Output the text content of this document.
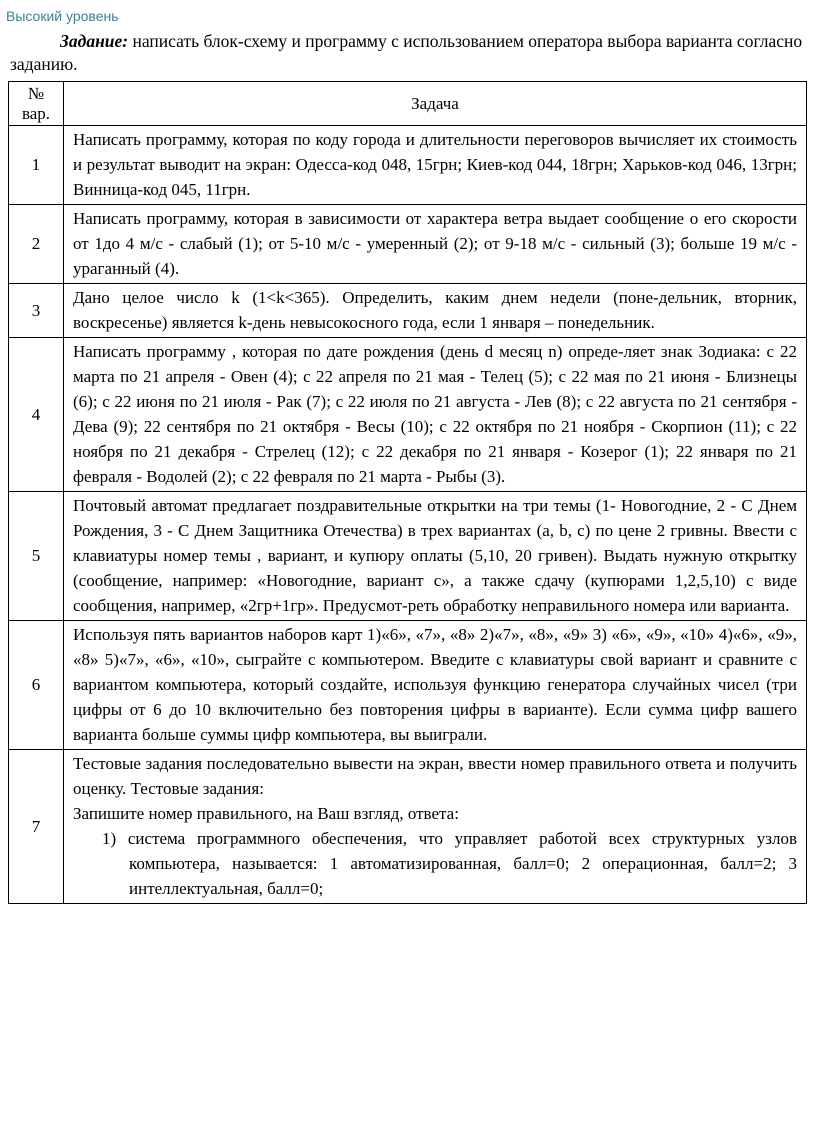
Высокий уровень

Задание: написать блок-схему и программу с использованием оператора выбора варианта согласно заданию.

№ вар.	Задача
1	Написать программу, которая по коду города и длительности переговоров вычисляет их стоимость и результат выводит на экран: Одесса-код 048, 15грн; Киев-код 044, 18грн; Харьков-код 046, 13грн; Винница-код 045, 11грн.

2	Написать программу, которая в зависимости от характера ветра выдает сообщение о его скорости от 1до 4 м/с - слабый (1); от 5-10 м/с - умеренный (2); от 9-18 м/с - сильный (3); больше 19 м/с - ураганный (4).

3	Дано целое число k (1<k<365). Определить, каким днем недели (поне-дельник, вторник, воскресенье) является k-день невысокосного года, если 1 января – понедельник.

4	Написать программу , которая по дате рождения (день d месяц n) опреде-ляет знак Зодиака: с 22 марта по 21 апреля - Овен (4); с 22 апреля по 21 мая - Телец (5); с 22 мая по 21 июня - Близнецы (6); с 22 июня по 21 июля - Рак (7); с 22 июля по 21 августа - Лев (8); с 22 августа по 21 сентября - Дева (9); 22 сентября по 21 октября - Весы (10); с 22 октября по 21 ноября - Скорпион (11); с 22 ноября по 21 декабря - Стрелец (12); с 22 декабря по 21 января - Козерог (1); 22 января по 21 февраля - Водолей (2); с 22 февраля по 21 марта - Рыбы (3).

5	Почтовый автомат предлагает поздравительные открытки на три темы (1- Новогодние, 2 - С Днем Рождения, 3 - С Днем Защитника Отечества) в трех вариантах (a, b, c) по цене 2 гривны. Ввести с клавиатуры номер темы , вариант, и купюру оплаты (5,10, 20 гривен). Выдать нужную открытку (сообщение, например: «Новогодние, вариант с», а также сдачу (купюрами 1,2,5,10) с виде сообщения, например, «2гр+1гр». Предусмот-реть обработку неправильного номера или варианта.

6	Используя пять вариантов наборов карт 1)«6», «7», «8» 2)«7», «8», «9» 3) «6», «9», «10» 4)«6», «9», «8» 5)«7», «6», «10», сыграйте с компьютером. Введите с клавиатуры свой вариант и сравните с вариантом компьютера, который создайте, используя функцию генератора случайных чисел (три цифры от 6 до 10 включительно без повторения цифры в варианте). Если сумма цифр вашего варианта больше суммы цифр компьютера, вы выиграли.

7	Тестовые задания последовательно вывести на экран, ввести номер правильного ответа и получить оценку. Тестовые задания:

Запишите номер правильного, на Ваш взгляд, ответа:

1) система программного обеспечения, что управляет работой всех структурных узлов компьютера, называется: 1 автоматизированная, балл=0; 2 операционная, балл=2; 3 интеллектуальная, балл=0;
